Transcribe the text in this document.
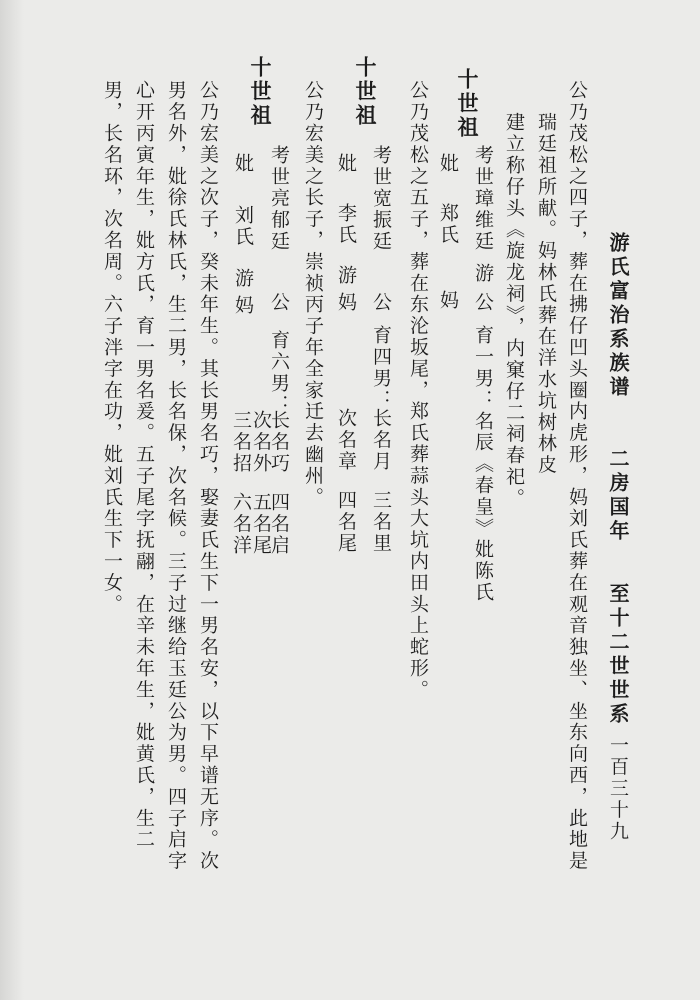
游氏富治系族谱
二房国年
至十二世世系
一百三十九
公乃茂松之四子，葬在拂仔凹头圈内虎形，妈刘氏葬在观音独坐、坐东向西，此地是
瑞廷祖所献。妈林氏葬在洋水坑树林皮
建立称仔头《旋龙祠》，内窠仔二祠春祀。
十世祖
考世璋维廷
游
公
育一男：名辰《春皇》妣陈氏
妣
郑氏
妈
公乃茂松之五子，葬在东沦坂尾，郑氏葬蒜头大坑内田头上蛇形。
十世祖
考世宽振廷
公
育四男：
长名月
三名里
妣
李氏
游
妈
次名章
四名尾
公乃宏美之长子，崇祯丙子年全家迁去幽州。
十世祖
考世亮郁廷
公
育六男：
长名巧
四名启
妣
刘氏
游
妈
次名外
五名尾
三名招
六名洋
公乃宏美之次子，癸未年生。其长男名巧，娶妻氏生下一男名安，以下早谱无序。次
男名外，妣徐氏林氏，生二男，长名保，次名候。三子过继给玉廷公为男。四子启字
心开丙寅年生，妣方氏，育一男名爰。五子尾字抚翮，在辛未年生，妣黄氏，生二
男，长名环，次名周。六子泮字在功，妣刘氏生下一女。
